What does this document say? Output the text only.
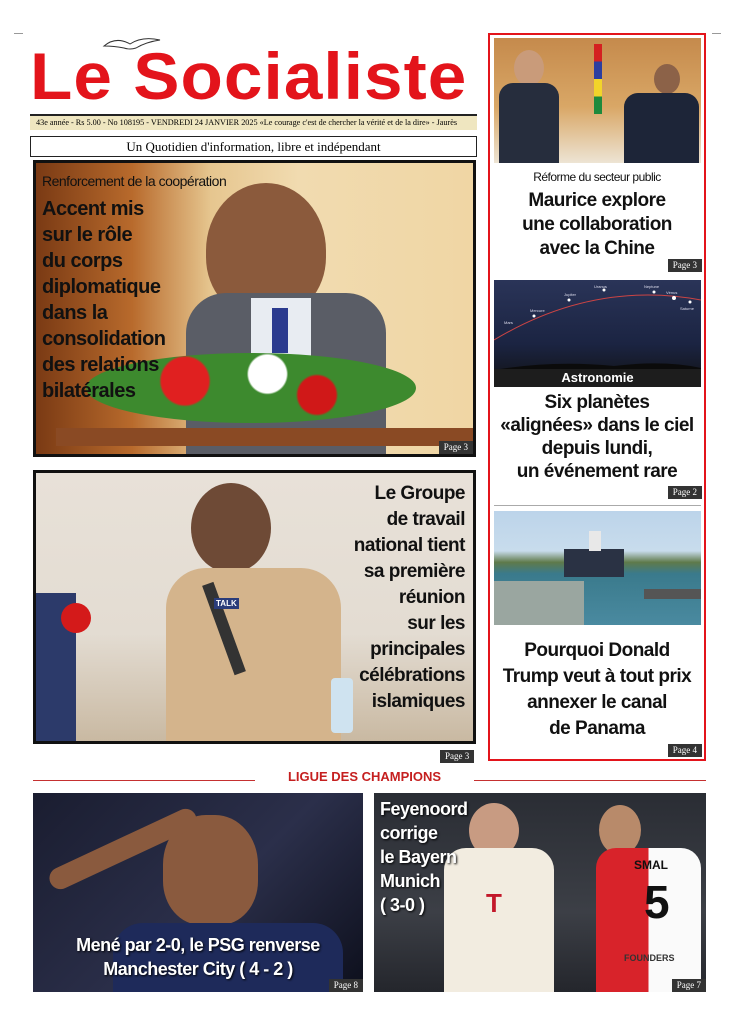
Le Socialiste
43e année - Rs 5.00 - No 108195 - VENDREDI 24 JANVIER 2025 «Le courage c'est de chercher la vérité et de la dire» - Jaurès
Un Quotidien d'information, libre et indépendant
Renforcement de la coopération
Accent mis
sur le rôle
du corps
diplomatique
dans la
consolidation
des relations
bilatérales
Page 3
TALK
Le Groupe
de travail
national tient
sa première
réunion
sur les
principales
célébrations
islamiques
Page 3
Réforme du secteur public
Maurice explore
une collaboration
avec la Chine
Page 3
Mercure
Jupiter
Uranus	Neptune
Vénus
Saturne
Mars
Astronomie
Six planètes
«alignées» dans le ciel
depuis lundi,
un événement rare
Page 2
Pourquoi Donald
Trump veut à tout prix
annexer le canal
de Panama
Page 4
LIGUE DES CHAMPIONS
Mené par 2-0, le PSG renverse
Manchester City ( 4 - 2 )
Page 8
T
SMAL
5
FOUNDERS
Feyenoord
corrige
le Bayern
Munich
( 3-0 )
Page 7
